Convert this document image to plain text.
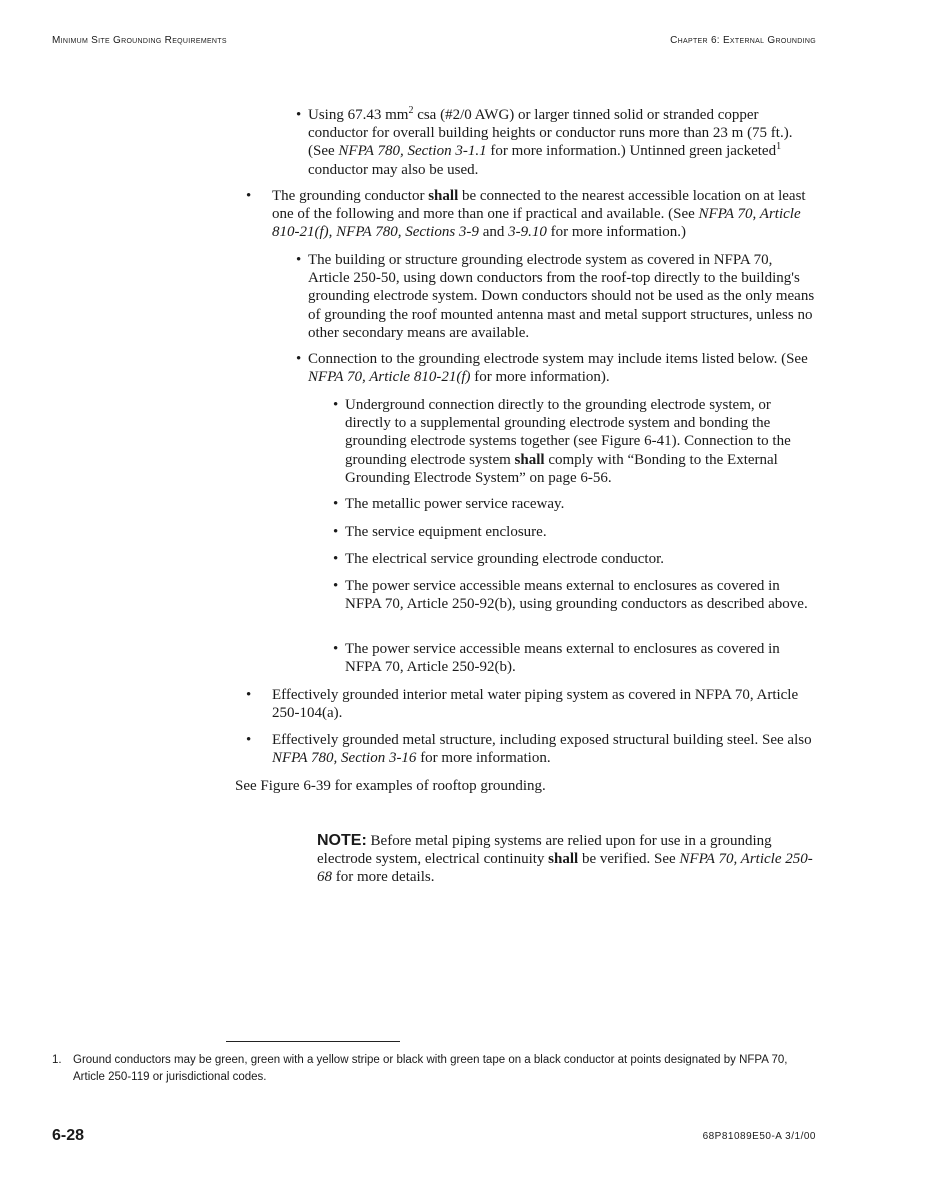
Minimum Site Grounding Requirements	Chapter 6: External Grounding
• Using 67.43 $mm^2$ csa (#2/0 AWG) or larger tinned solid or stranded copper conductor for overall building heights or conductor runs more than 23 m (75 ft.). (See NFPA 780, Section 3-1.1 for more information.) Untinned green jacketed$^1$ conductor may also be used.
• The grounding conductor shall be connected to the nearest accessible location on at least one of the following and more than one if practical and available. (See NFPA 70, Article 810-21(f), NFPA 780, Sections 3-9 and 3-9.10 for more information.)
• The building or structure grounding electrode system as covered in NFPA 70, Article 250-50, using down conductors from the roof-top directly to the building's grounding electrode system. Down conductors should not be used as the only means of grounding the roof mounted antenna mast and metal support structures, unless no other secondary means are available.
• Connection to the grounding electrode system may include items listed below. (See NFPA 70, Article 810-21(f) for more information).
• Underground connection directly to the grounding electrode system, or directly to a supplemental grounding electrode system and bonding the grounding electrode systems together (see Figure 6-41). Connection to the grounding electrode system shall comply with “Bonding to the External Grounding Electrode System” on page 6-56.
• The metallic power service raceway.
• The service equipment enclosure.
• The electrical service grounding electrode conductor.
• The power service accessible means external to enclosures as covered in NFPA 70, Article 250-92(b), using grounding conductors as described above.
• The power service accessible means external to enclosures as covered in NFPA 70, Article 250-92(b).
• Effectively grounded interior metal water piping system as covered in NFPA 70, Article 250-104(a).
• Effectively grounded metal structure, including exposed structural building steel. See also NFPA 780, Section 3-16 for more information.
See Figure 6-39 for examples of rooftop grounding.
NOTE: Before metal piping systems are relied upon for use in a grounding electrode system, electrical continuity shall be verified. See NFPA 70, Article 250-68 for more details.
1. Ground conductors may be green, green with a yellow stripe or black with green tape on a black conductor at points designated by NFPA 70, Article 250-119 or jurisdictional codes.
6-28	68P81089E50-A 3/1/00
